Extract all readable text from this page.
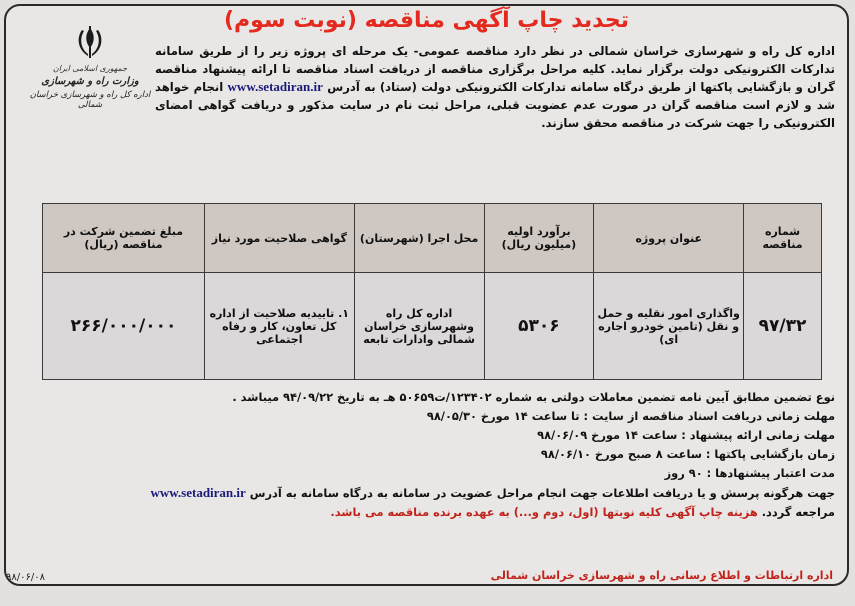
تجدید چاپ آگهی مناقصه (نوبت سوم)
جمهوری اسلامی ایران
وزارت راه و شهرسازی
اداره کل راه و شهرسازی خراسان شمالی
اداره کل راه و شهرسازی خراسان شمالی در نظر دارد مناقصه عمومی- یک مرحله ای پروژه زیر را از طریق سامانه تدارکات الکترونیکی دولت برگزار نماید. کلیه مراحل برگزاری مناقصه از دریافت اسناد مناقصه تا ارائه پیشنهاد مناقصه گران و بازگشایی پاکتها از طریق درگاه سامانه تدارکات الکترونیکی دولت (ستاد) به آدرس www.setadiran.ir انجام خواهد شد و لازم است مناقصه گران در صورت عدم عضویت قبلی، مراحل ثبت نام در سایت مذکور و دریافت گواهی امضای الکترونیکی را جهت شرکت در مناقصه محقق سازند.
شماره مناقصه	عنوان پروژه	برآورد اولیه (میلیون ریال)	محل اجرا (شهرستان)	گواهی صلاحیت مورد نیاز	مبلغ تضمین شرکت در مناقصه (ریال)
۹۷/۳۲	واگذاری امور نقلیه و حمل و نقل (تامین خودرو اجاره ای)	۵۳۰۶	اداره کل راه وشهرسازی خراسان شمالی وادارات تابعه	۱. تاییدیه صلاحیت از اداره کل تعاون، کار و رفاه اجتماعی	۲۶۶/۰۰۰/۰۰۰
نوع تضمین مطابق آیین نامه تضمین معاملات دولتی به شماره ۱۲۳۴۰۲/ت۵۰۶۵۹ هـ به تاریخ ۹۴/۰۹/۲۲ میباشد .
مهلت زمانی دریافت اسناد مناقصه از سایت : تا ساعت ۱۴ مورخ ۹۸/۰۵/۳۰
مهلت زمانی ارائه پیشنهاد : ساعت ۱۴ مورخ ۹۸/۰۶/۰۹
زمان بازگشایی پاکتها : ساعت ۸ صبح مورخ ۹۸/۰۶/۱۰
مدت اعتبار پیشنهادها : ۹۰ روز
جهت هرگونه پرسش و یا دریافت اطلاعات جهت انجام مراحل عضویت در سامانه به درگاه سامانه به آدرس www.setadiran.ir
مراجعه گردد. هزینه چاپ آگهی کلیه نوبتها (اول، دوم و...) به عهده برنده مناقصه می باشد.
اداره ارتباطات و اطلاع رسانی راه و شهرسازی خراسان شمالی
۹۸/۰۶/۰۸
